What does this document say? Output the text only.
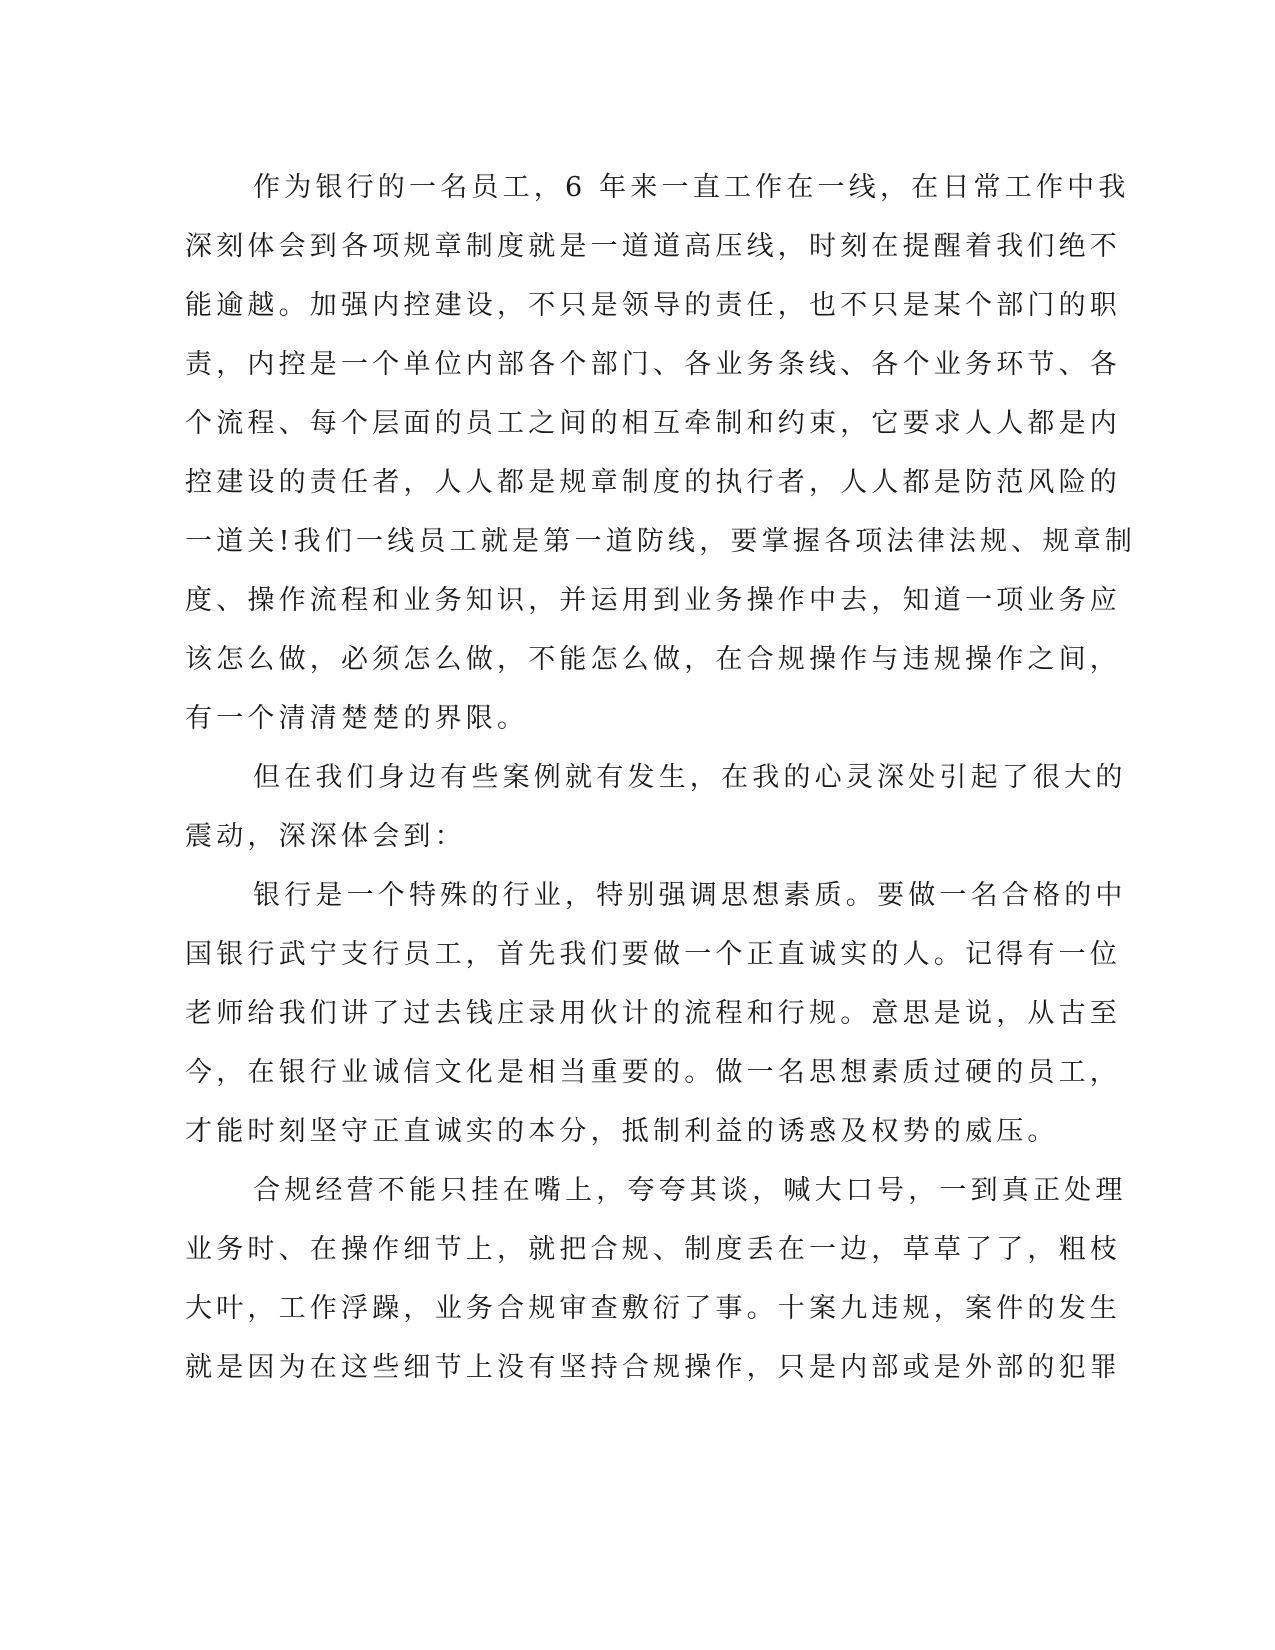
作为银行的一名员工，6 年来一直工作在一线，在日常工作中我
深刻体会到各项规章制度就是一道道高压线，时刻在提醒着我们绝不
能逾越。加强内控建设，不只是领导的责任，也不只是某个部门的职
责，内控是一个单位内部各个部门、各业务条线、各个业务环节、各
个流程、每个层面的员工之间的相互牵制和约束，它要求人人都是内
控建设的责任者，人人都是规章制度的执行者，人人都是防范风险的
一道关!我们一线员工就是第一道防线，要掌握各项法律法规、规章制
度、操作流程和业务知识，并运用到业务操作中去，知道一项业务应
该怎么做，必须怎么做，不能怎么做，在合规操作与违规操作之间，
有一个清清楚楚的界限。
但在我们身边有些案例就有发生，在我的心灵深处引起了很大的
震动，深深体会到：
银行是一个特殊的行业，特别强调思想素质。要做一名合格的中
国银行武宁支行员工，首先我们要做一个正直诚实的人。记得有一位
老师给我们讲了过去钱庄录用伙计的流程和行规。意思是说，从古至
今，在银行业诚信文化是相当重要的。做一名思想素质过硬的员工，
才能时刻坚守正直诚实的本分，抵制利益的诱惑及权势的威压。
合规经营不能只挂在嘴上，夸夸其谈，喊大口号，一到真正处理
业务时、在操作细节上，就把合规、制度丢在一边，草草了了，粗枝
大叶，工作浮躁，业务合规审查敷衍了事。十案九违规，案件的发生
就是因为在这些细节上没有坚持合规操作，只是内部或是外部的犯罪
